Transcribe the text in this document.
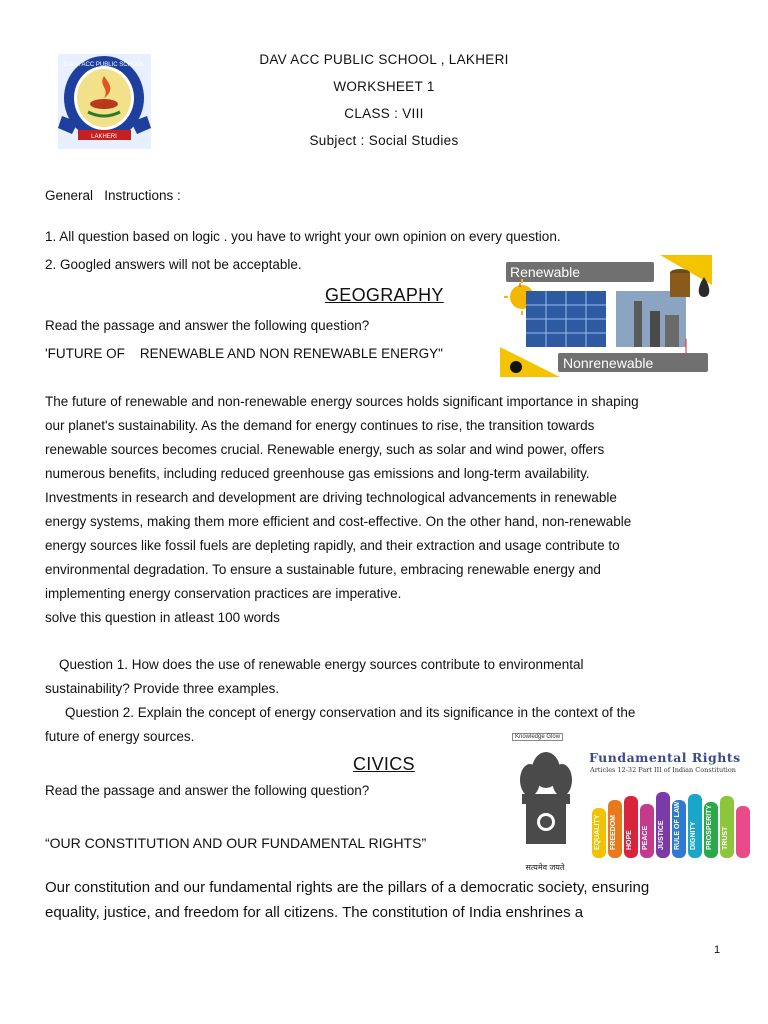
LAKHERI
D.A.V. ACC PUBLIC SCHOOL	DAV ACC PUBLIC SCHOOL , LAKHERI
WORKSHEET 1
CLASS : VIII
Subject : Social Studies
General   Instructions :
1. All question based on logic . you have to wright your own opinion on every question.
2. Googled answers will not be acceptable.	Renewable
Nonrenewable
GEOGRAPHY
Read the passage and answer the following question?
'FUTURE OF    RENEWABLE AND NON RENEWABLE ENERGY"
The future of renewable and non-renewable energy sources holds significant importance in shaping
our planet's sustainability. As the demand for energy continues to rise, the transition towards
renewable sources becomes crucial. Renewable energy, such as solar and wind power, offers
numerous benefits, including reduced greenhouse gas emissions and long-term availability.
Investments in research and development are driving technological advancements in renewable
energy systems, making them more efficient and cost-effective. On the other hand, non-renewable
energy sources like fossil fuels are depleting rapidly, and their extraction and usage contribute to
environmental degradation. To ensure a sustainable future, embracing renewable energy and
implementing energy conservation practices are imperative.
solve this question in atleast 100 words
Question 1. How does the use of renewable energy sources contribute to environmental
sustainability? Provide three examples.
Question 2. Explain the concept of energy conservation and its significance in the context of the
future of energy sources.
EQUALITY FREEDOM HOPE PEACE JUSTICE RULE OF LAW DIGNITY PROSPERITY TRUST
Knowledge Glow
Fundamental Rights
Articles 12-32 Part III of Indian Constitution
सत्यमेव जयते
CIVICS
Read the passage and answer the following question?
“OUR CONSTITUTION AND OUR FUNDAMENTAL RIGHTS”
Our constitution and our fundamental rights are the pillars of a democratic society, ensuring
equality, justice, and freedom for all citizens. The constitution of India enshrines a
1
